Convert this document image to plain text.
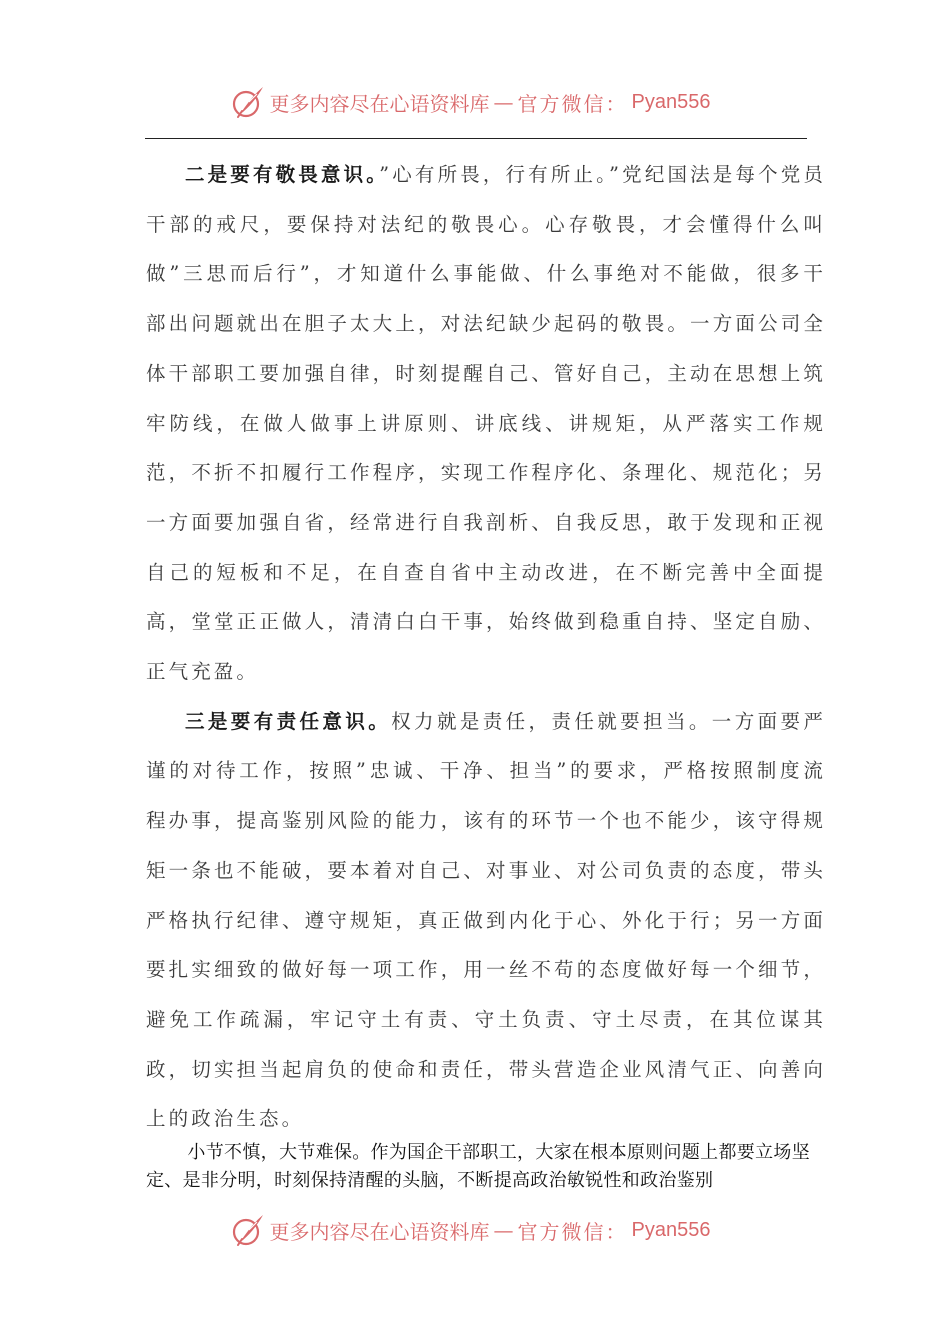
更多内容尽在心语资料库 — 官方微信： Pyan556

二是要有敬畏意识。”心有所畏，行有所止。”党纪国法是每个党员干部的戒尺，要保持对法纪的敬畏心。心存敬畏，才会懂得什么叫做”三思而后行”，才知道什么事能做、什么事绝对不能做，很多干部出问题就出在胆子太大上，对法纪缺少起码的敬畏。一方面公司全体干部职工要加强自律，时刻提醒自己、管好自己，主动在思想上筑牢防线，在做人做事上讲原则、讲底线、讲规矩，从严落实工作规范，不折不扣履行工作程序，实现工作程序化、条理化、规范化；另一方面要加强自省，经常进行自我剖析、自我反思，敢于发现和正视自己的短板和不足，在自查自省中主动改进，在不断完善中全面提高，堂堂正正做人，清清白白干事，始终做到稳重自持、坚定自励、正气充盈。

三是要有责任意识。权力就是责任，责任就要担当。一方面要严谨的对待工作，按照”忠诚、干净、担当”的要求，严格按照制度流程办事，提高鉴别风险的能力，该有的环节一个也不能少，该守得规矩一条也不能破，要本着对自己、对事业、对公司负责的态度，带头严格执行纪律、遵守规矩，真正做到内化于心、外化于行；另一方面要扎实细致的做好每一项工作，用一丝不苟的态度做好每一个细节，避免工作疏漏，牢记守土有责、守土负责、守土尽责，在其位谋其政，切实担当起肩负的使命和责任，带头营造企业风清气正、向善向上的政治生态。

小节不慎，大节难保。作为国企干部职工，大家在根本原则问题上都要立场坚定、是非分明，时刻保持清醒的头脑，不断提高政治敏锐性和政治鉴别

更多内容尽在心语资料库 — 官方微信： Pyan556
